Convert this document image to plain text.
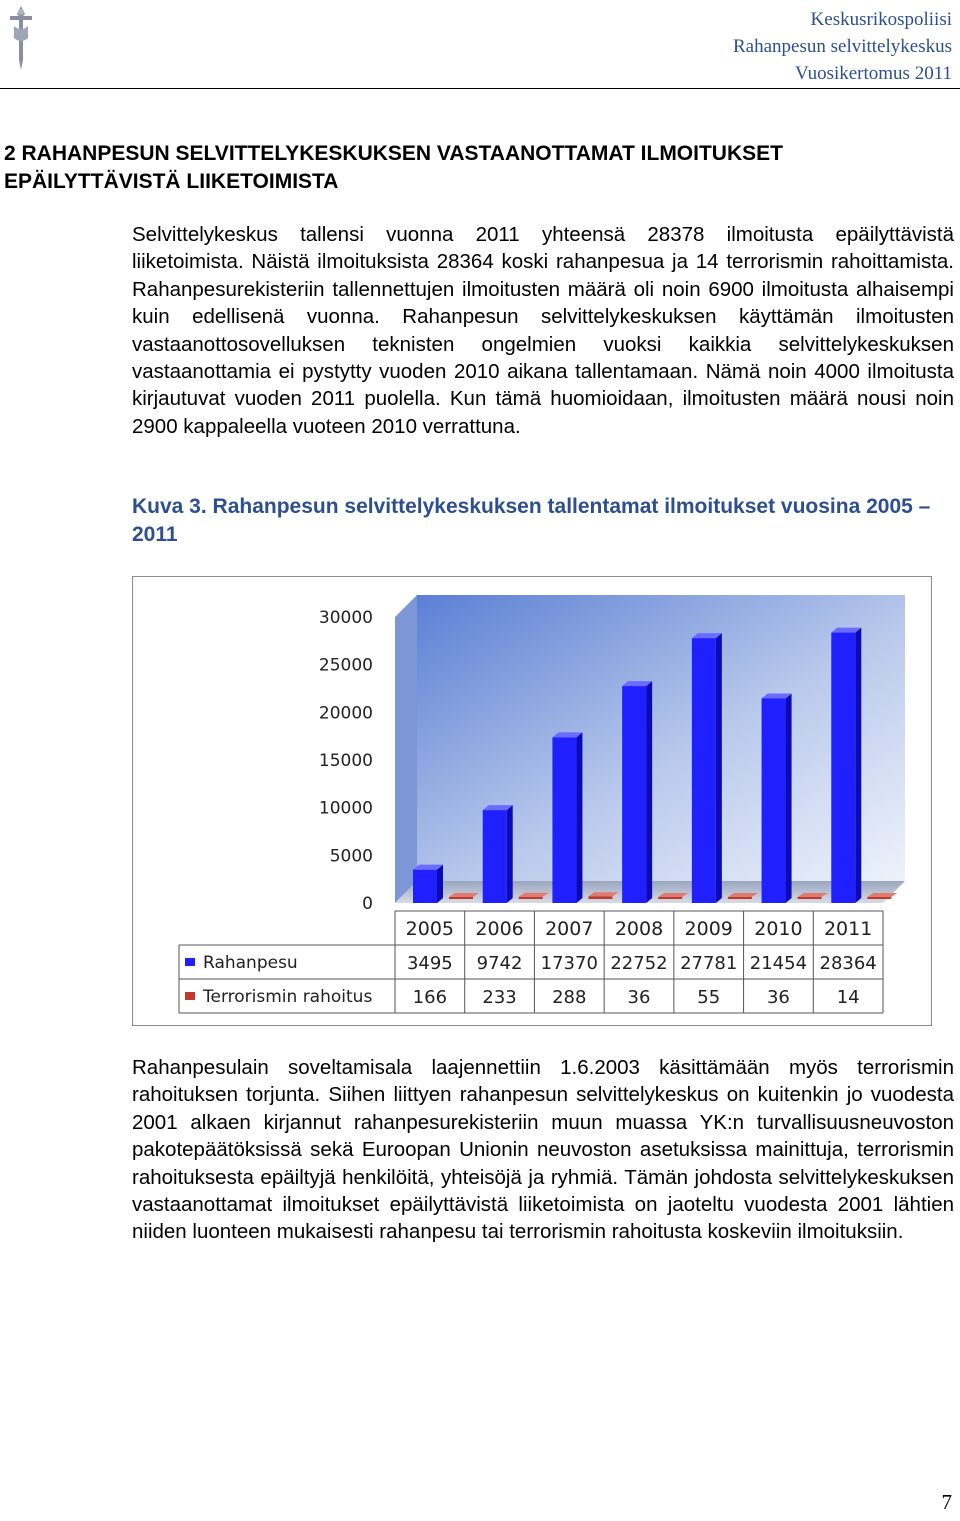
Keskusrikospoliisi
Rahanpesun selvittelykeskus
Vuosikertomus 2011
2 RAHANPESUN SELVITTELYKESKUKSEN VASTAANOTTAMAT ILMOITUKSET
EPÄILYTTÄVISTÄ LIIKETOIMISTA

Selvittelykeskus tallensi vuonna 2011 yhteensä 28378 ilmoitusta epäilyttävistä liiketoimista. Näistä ilmoituksista 28364 koski rahanpesua ja 14 terrorismin rahoittamista. Rahanpesurekisteriin tallennettujen ilmoitusten määrä oli noin 6900 ilmoitusta alhaisempi kuin edellisenä vuonna. Rahanpesun selvittelykeskuksen käyttämän ilmoitusten vastaanottosovelluksen teknisten ongelmien vuoksi kaikkia selvittelykeskuksen vastaanottamia ei pystytty vuoden 2010 aikana tallentamaan. Nämä noin 4000 ilmoitusta kirjautuvat vuoden 2011 puolella. Kun tämä huomioidaan, ilmoitusten määrä nousi noin 2900 kappaleella vuoteen 2010 verrattuna.

Kuva 3. Rahanpesun selvittelykeskuksen tallentamat ilmoitukset vuosina 2005 – 2011
0
5000
10000
15000
20000
25000
30000
2005 2006 2007 2008 2009 2010 2011
Rahanpesu	3495 9742 17370 22752 27781 21454 28364
Terrorismin rahoitus 166 233 288 36	55	36	14

Rahanpesulain soveltamisala laajennettiin 1.6.2003 käsittämään myös terrorismin rahoituksen torjunta. Siihen liittyen rahanpesun selvittelykeskus on kuitenkin jo vuodesta 2001 alkaen kirjannut rahanpesurekisteriin muun muassa YK:n turvallisuusneuvoston pakotepäätöksissä sekä Euroopan Unionin neuvoston asetuksissa mainittuja, terrorismin rahoituksesta epäiltyjä henkilöitä, yhteisöjä ja ryhmiä. Tämän johdosta selvittelykeskuksen vastaanottamat ilmoitukset epäilyttävistä liiketoimista on jaoteltu vuodesta 2001 lähtien niiden luonteen mukaisesti rahanpesu tai terrorismin rahoitusta koskeviin ilmoituksiin.

7
